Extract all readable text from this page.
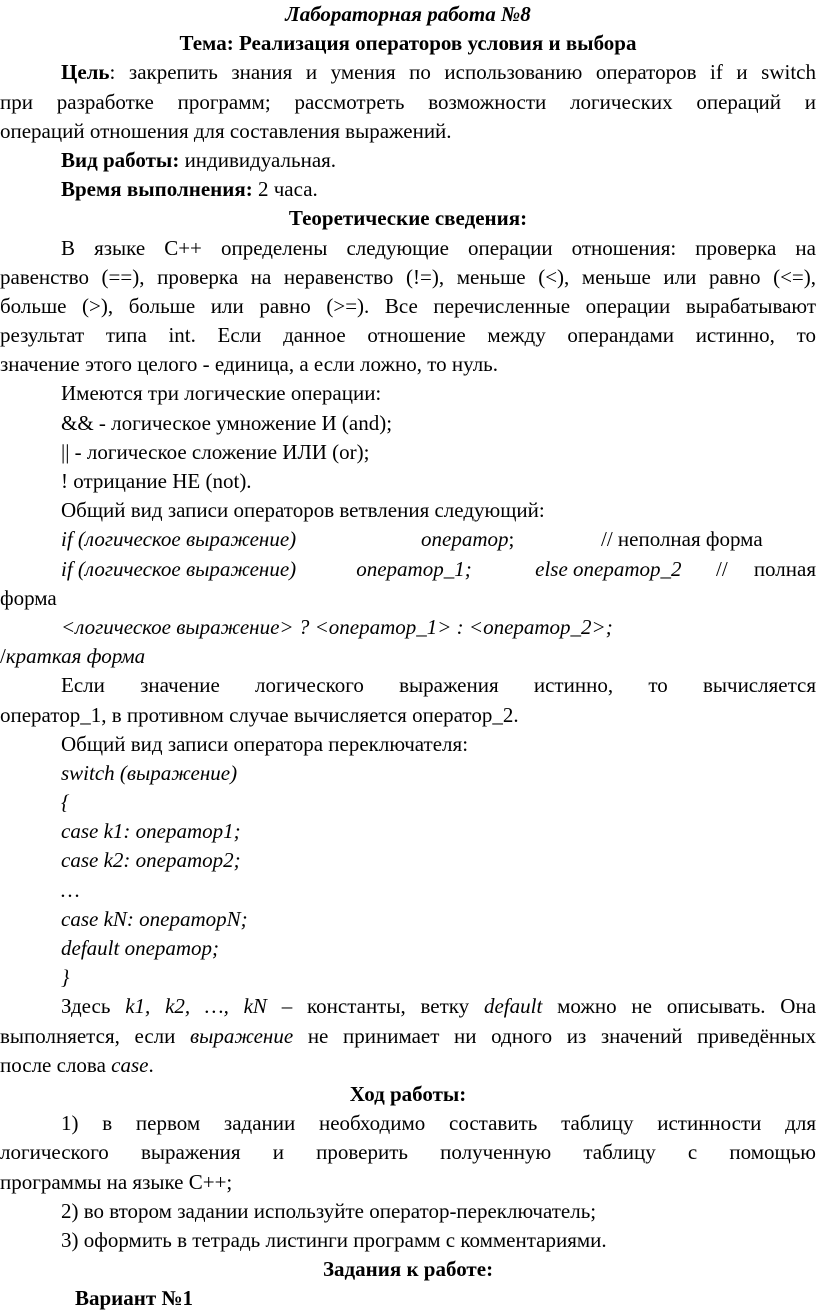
Лабораторная работа №8
Тема: Реализация операторов условия и выбора
Цель: закрепить знания и умения по использованию операторов if и switch
при разработке программ; рассмотреть возможности логических операций и
операций отношения для составления выражений.
Вид работы: индивидуальная.
Время выполнения: 2 часа.
Теоретические сведения:
В языке С++ определены следующие операции отношения: проверка на
равенство (==), проверка на неравенство (!=), меньше (<), меньше или равно (<=),
больше (>), больше или равно (>=). Все перечисленные операции вырабатывают
результат типа int. Если данное отношение между операндами истинно, то
значение этого целого - единица, а если ложно, то нуль.
Имеются три логические операции:
&& - логическое умножение И (and);
|| - логическое сложение ИЛИ (or);
! отрицание НЕ (not).
Общий вид записи операторов ветвления следующий:
if (логическое выражение)	оператор;	// неполная форма
if (логическое выражение)	оператор_1;	else оператор_2	//	полная
форма
<логическое выражение> ? <оператор_1> : <оператор_2>;
/краткая форма
Если значение логического выражения истинно, то вычисляется
оператор_1, в противном случае вычисляется оператор_2.
Общий вид записи оператора переключателя:
switch (выражение)
{
case k1: оператор1;
case k2: оператор2;
…
case kN: операторN;
default оператор;
}
Здесь k1, k2, …, kN – константы, ветку default можно не описывать. Она
выполняется, если выражение не принимает ни одного из значений приведённых
после слова case.
Ход работы:
1) в первом задании необходимо составить таблицу истинности для
логического выражения и проверить полученную таблицу с помощью
программы на языке С++;
2) во втором задании используйте оператор-переключатель;
3) оформить в тетрадь листинги программ с комментариями.
Задания к работе:
Вариант №1
